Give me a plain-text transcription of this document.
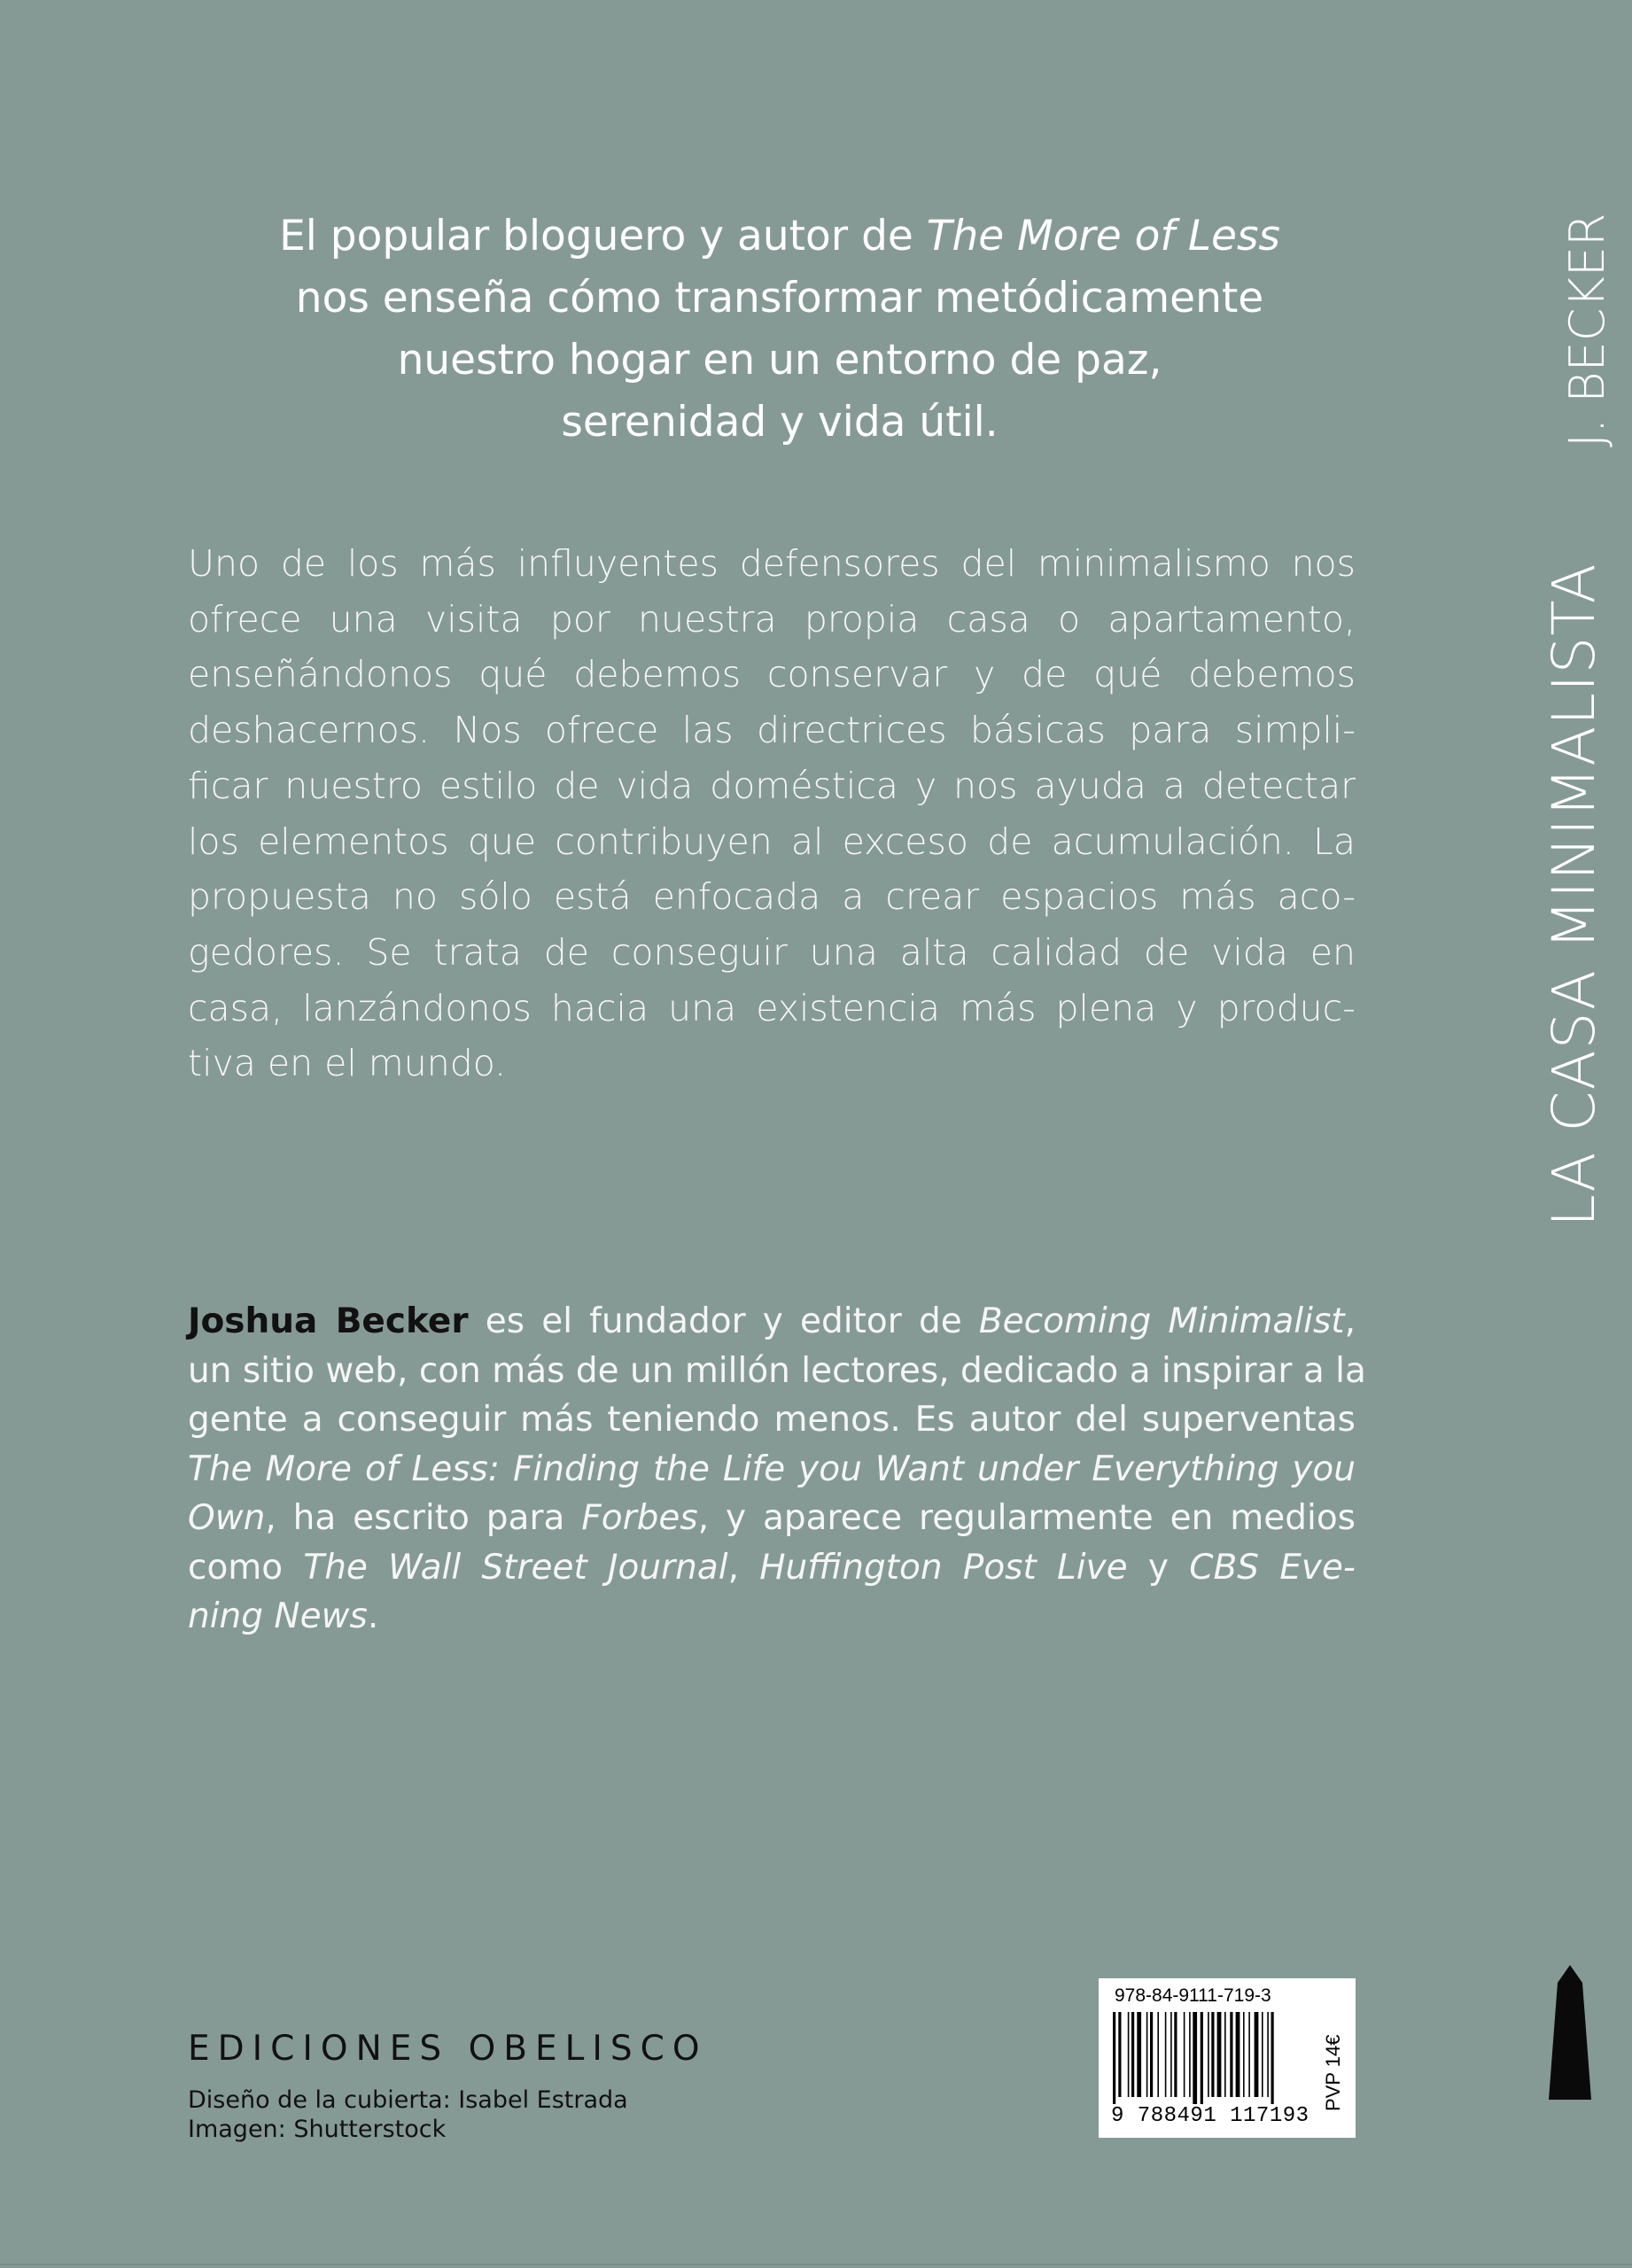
El popular bloguero y autor de The More of Less
nos enseña cómo transformar metódicamente
nuestro hogar en un entorno de paz,
serenidad y vida útil.
Uno de los más influyentes defensores del minimalismo nos
ofrece una visita por nuestra propia casa o apartamento,
enseñándonos qué debemos conservar y de qué debemos
deshacernos. Nos ofrece las directrices básicas para simpli-
ficar nuestro estilo de vida doméstica y nos ayuda a detectar
los elementos que contribuyen al exceso de acumulación. La
propuesta no sólo está enfocada a crear espacios más aco-
gedores. Se trata de conseguir una alta calidad de vida en
casa, lanzándonos hacia una existencia más plena y produc-
tiva en el mundo.
Joshua Becker es el fundador y editor de Becoming Minimalist,
un sitio web, con más de un millón lectores, dedicado a inspirar a la
gente a conseguir más teniendo menos. Es autor del superventas
The More of Less: Finding the Life you Want under Everything you
Own, ha escrito para Forbes, y aparece regularmente en medios
como The Wall Street Journal, Huffington Post Live y CBS Eve-
ning News.
LA CASA MINIMALISTA
J. BECKER
EDICIONES OBELISCO
Diseño de la cubierta: Isabel Estrada
Imagen: Shutterstock
978-84-9111-719-3
9 788491 117193
PVP 14€
